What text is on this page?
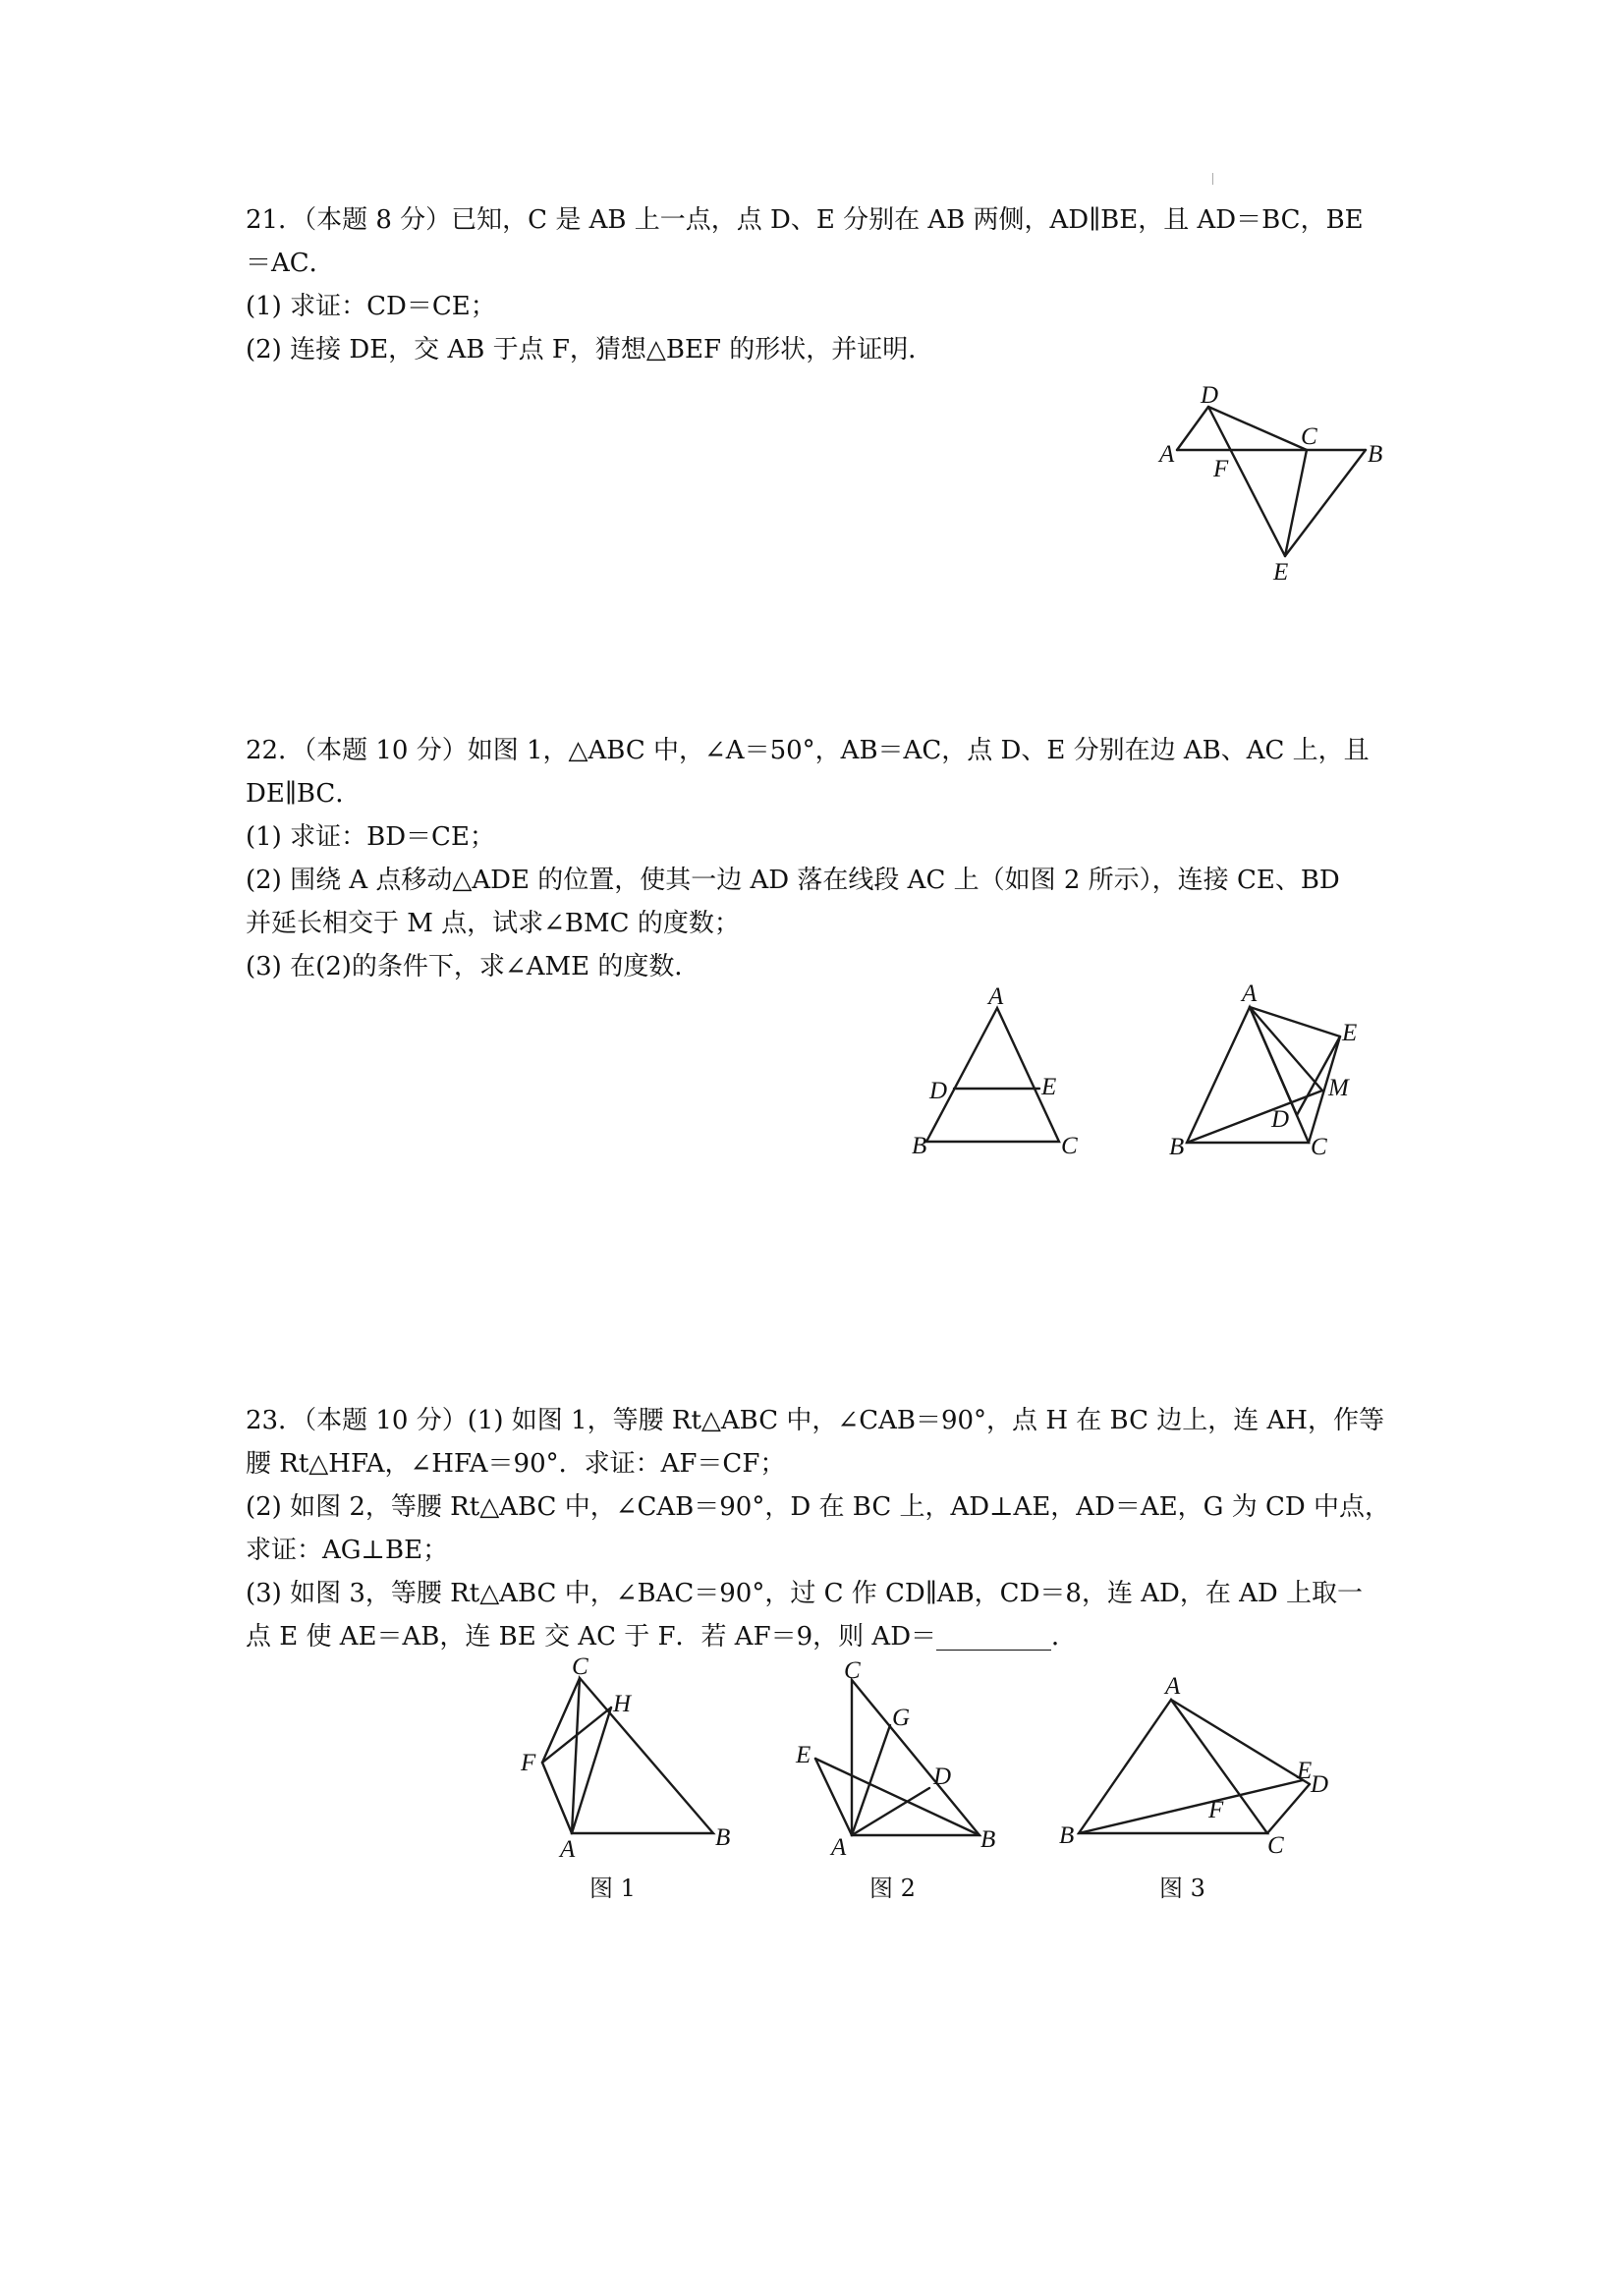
21．（本题 8 分）已知，C 是 AB 上一点，点 D、E 分别在 AB 两侧，AD∥BE，且 AD＝BC，BE
＝AC．
(1) 求证：CD＝CE；
(2) 连接 DE，交 AB 于点 F，猜想△BEF 的形状，并证明．
D
A
F
C
B
E
22．（本题 10 分）如图 1，△ABC 中，∠A＝50°，AB＝AC，点 D、E 分别在边 AB、AC 上，且
DE∥BC．
(1) 求证：BD＝CE；
(2) 围绕 A 点移动△ADE 的位置，使其一边 AD 落在线段 AC 上（如图 2 所示），连接 CE、BD
并延长相交于 M 点，试求∠BMC 的度数；
(3) 在(2)的条件下，求∠AME 的度数．
A
D	E
B	C
A
E
M
D
B	C
23．（本题 10 分）(1) 如图 1，等腰 Rt△ABC 中，∠CAB＝90°，点 H 在 BC 边上，连 AH，作等
腰 Rt△HFA，∠HFA＝90°．求证：AF＝CF；
(2) 如图 2，等腰 Rt△ABC 中，∠CAB＝90°，D 在 BC 上，AD⊥AE，AD＝AE，G 为 CD 中点，
求证：AG⊥BE；
(3) 如图 3，等腰 Rt△ABC 中，∠BAC＝90°，过 C 作 CD∥AB，CD＝8，连 AD，在 AD 上取一
点 E 使 AE＝AB，连 BE 交 AC 于 F．若 AF＝9，则 AD＝_________．
C
H
F
A	B
C
G
E
D
A	B
A
E
D
F
B	C
图 1	图 2	图 3
